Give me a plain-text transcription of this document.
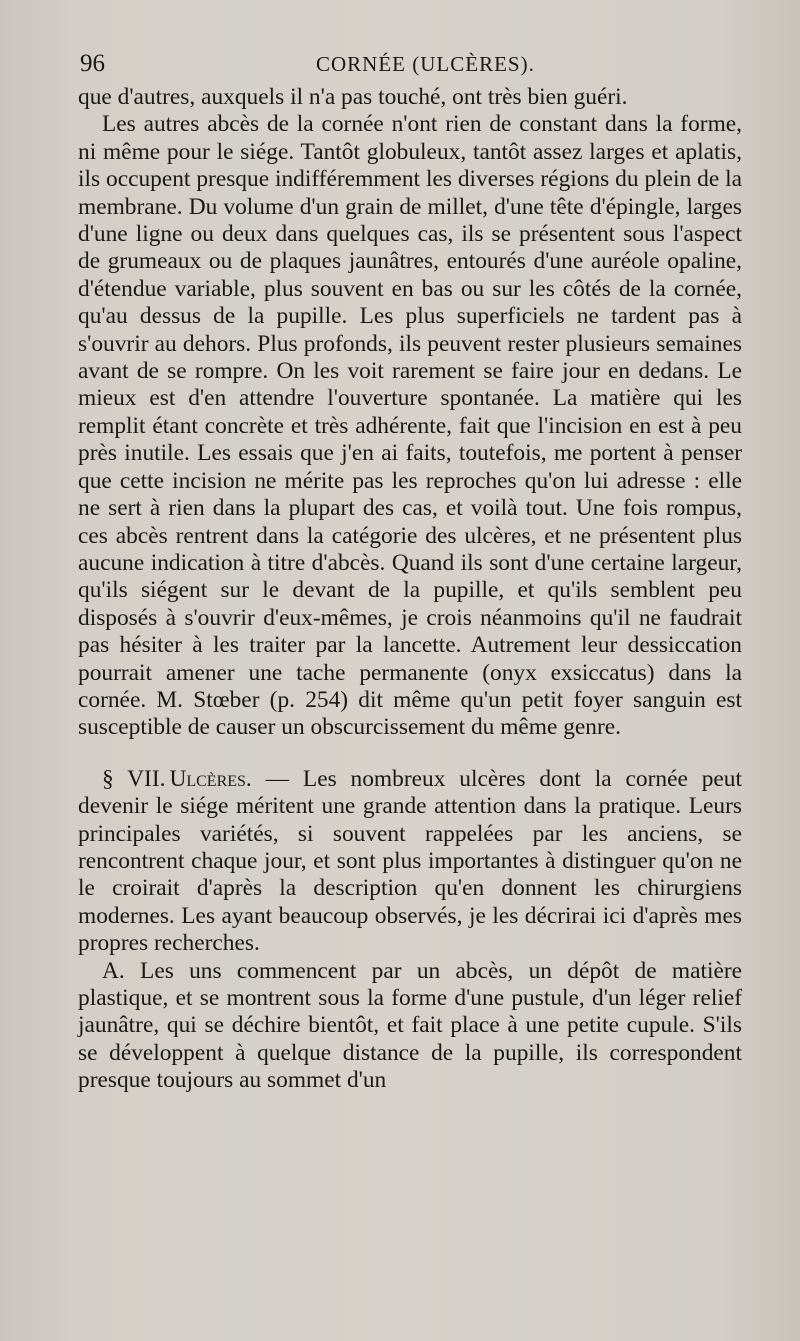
96	CORNÉE (ULCÈRES).

que d'autres, auxquels il n'a pas touché, ont très bien guéri.

Les autres abcès de la cornée n'ont rien de constant dans la forme, ni même pour le siége. Tantôt globuleux, tantôt assez larges et aplatis, ils occupent presque indifféremment les diverses régions du plein de la membrane. Du volume d'un grain de millet, d'une tête d'épingle, larges d'une ligne ou deux dans quelques cas, ils se présentent sous l'aspect de grumeaux ou de plaques jaunâtres, entourés d'une auréole opaline, d'étendue variable, plus souvent en bas ou sur les côtés de la cornée, qu'au dessus de la pupille. Les plus superficiels ne tardent pas à s'ouvrir au dehors. Plus profonds, ils peuvent rester plusieurs semaines avant de se rompre. On les voit rarement se faire jour en dedans. Le mieux est d'en attendre l'ouverture spontanée. La matière qui les remplit étant concrète et très adhérente, fait que l'incision en est à peu près inutile. Les essais que j'en ai faits, toutefois, me portent à penser que cette incision ne mérite pas les reproches qu'on lui adresse : elle ne sert à rien dans la plupart des cas, et voilà tout. Une fois rompus, ces abcès rentrent dans la catégorie des ulcères, et ne présentent plus aucune indication à titre d'abcès. Quand ils sont d'une certaine largeur, qu'ils siégent sur le devant de la pupille, et qu'ils semblent peu disposés à s'ouvrir d'eux-mêmes, je crois néanmoins qu'il ne faudrait pas hésiter à les traiter par la lancette. Autrement leur dessiccation pourrait amener une tache permanente (onyx exsiccatus) dans la cornée. M. Stœber (p. 254) dit même qu'un petit foyer sanguin est susceptible de causer un obscurcissement du même genre.

§ VII. Ulcères. — Les nombreux ulcères dont la cornée peut devenir le siége méritent une grande attention dans la pratique. Leurs principales variétés, si souvent rappelées par les anciens, se rencontrent chaque jour, et sont plus importantes à distinguer qu'on ne le croirait d'après la description qu'en donnent les chirurgiens modernes. Les ayant beaucoup observés, je les décrirai ici d'après mes propres recherches.

A. Les uns commencent par un abcès, un dépôt de matière plastique, et se montrent sous la forme d'une pustule, d'un léger relief jaunâtre, qui se déchire bientôt, et fait place à une petite cupule. S'ils se développent à quelque distance de la pupille, ils correspondent presque toujours au sommet d'un
